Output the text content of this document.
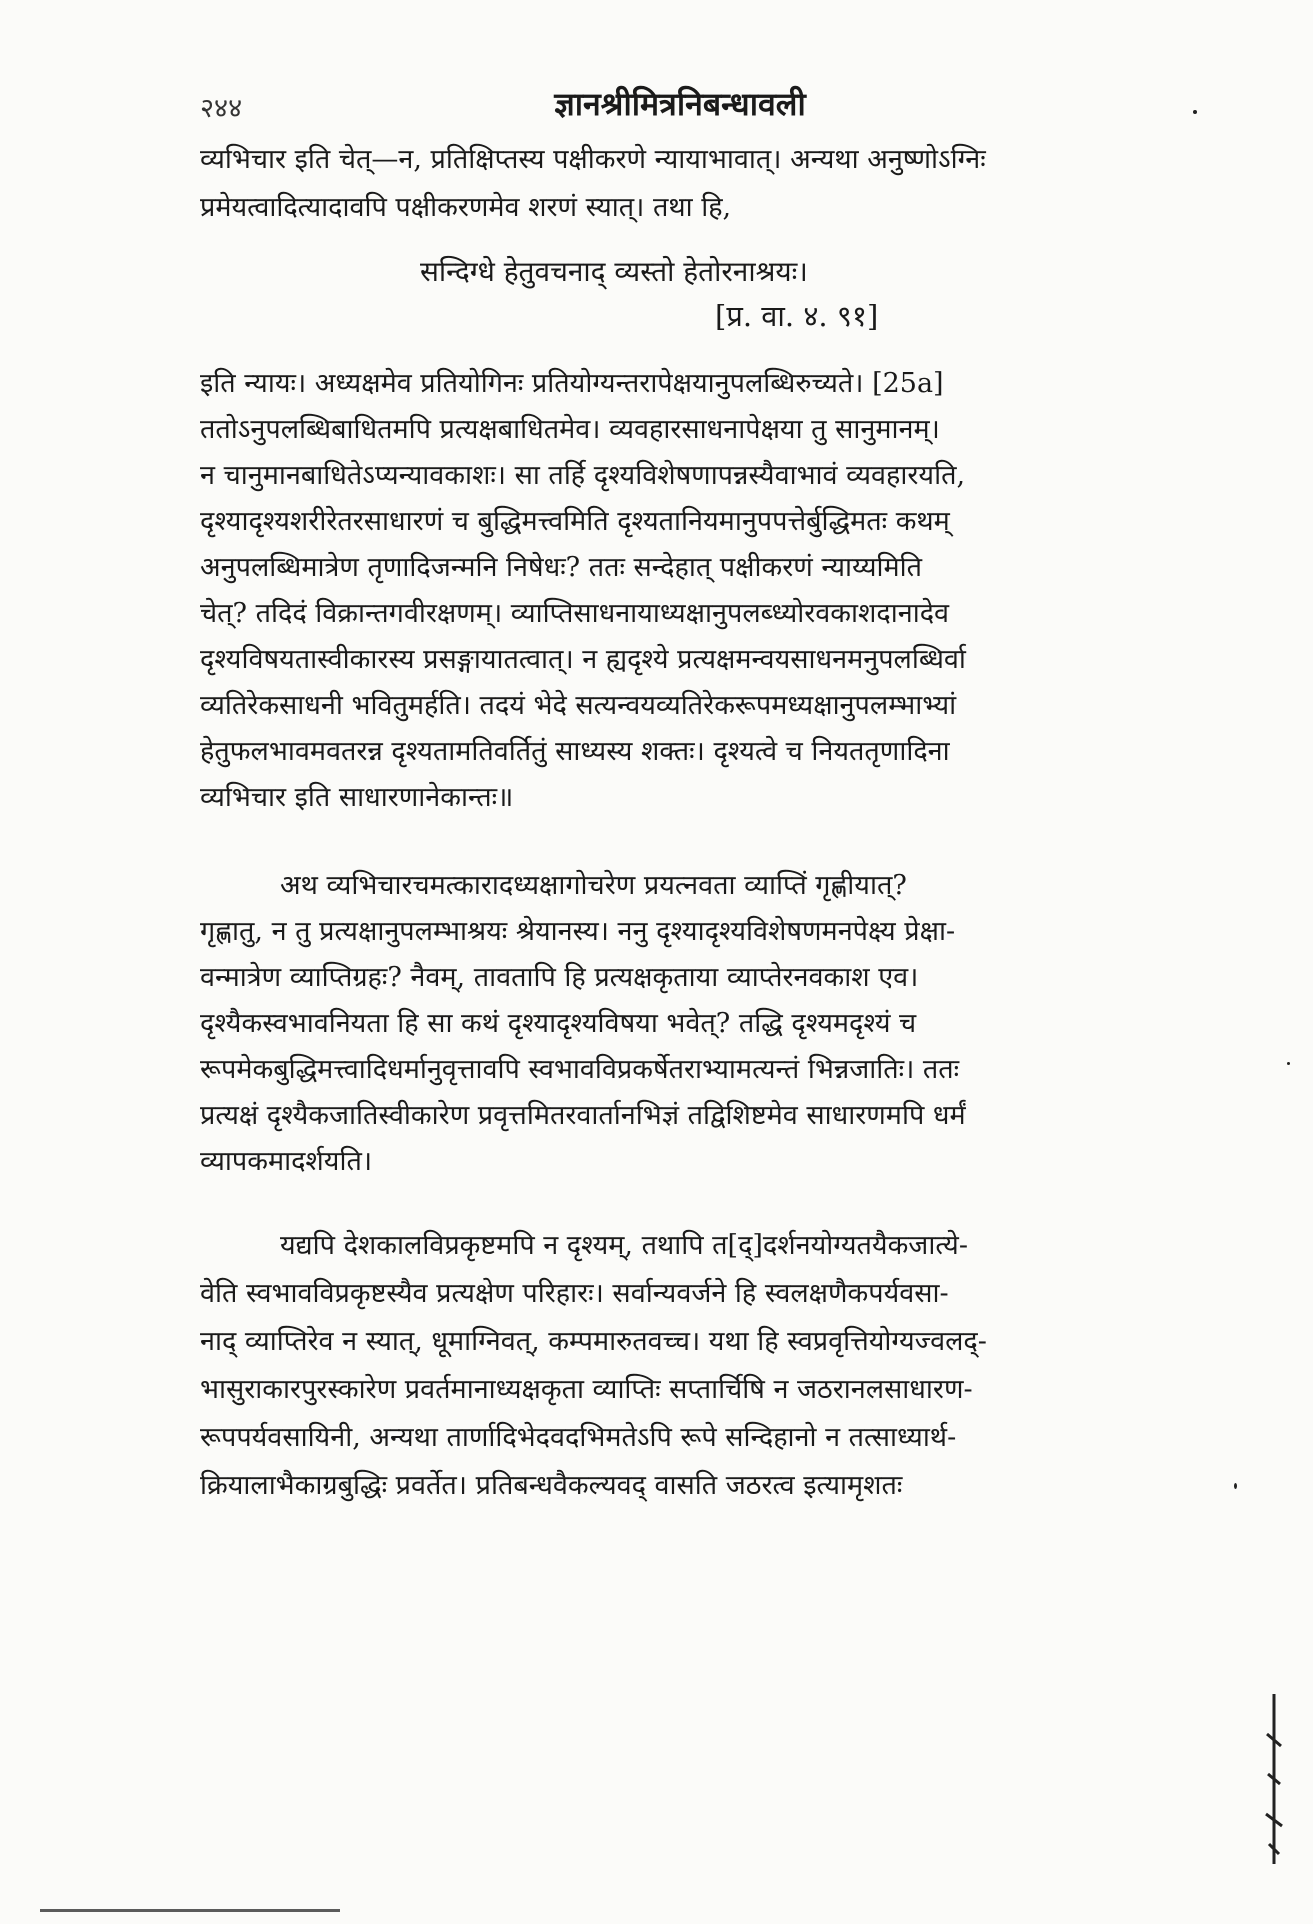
२४४	ज्ञानश्रीमित्रनिबन्धावली
व्यभिचार इति चेत्—न, प्रतिक्षिप्तस्य पक्षीकरणे न्यायाभावात्। अन्यथा अनुष्णोऽग्निः
प्रमेयत्वादित्यादावपि पक्षीकरणमेव शरणं स्यात्। तथा हि,
सन्दिग्धे हेतुवचनाद् व्यस्तो हेतोरनाश्रयः।
[प्र. वा. ४. ९१]
इति न्यायः। अध्यक्षमेव प्रतियोगिनः प्रतियोग्यन्तरापेक्षयानुपलब्धिरुच्यते। [25a]
ततोऽनुपलब्धिबाधितमपि प्रत्यक्षबाधितमेव। व्यवहारसाधनापेक्षया तु सानुमानम्।
न चानुमानबाधितेऽप्यन्यावकाशः। सा तर्हि दृश्यविशेषणापन्नस्यैवाभावं व्यवहारयति,
दृश्यादृश्यशरीरेतरसाधारणं च बुद्धिमत्त्वमिति दृश्यतानियमानुपपत्तेर्बुद्धिमतः कथम्
अनुपलब्धिमात्रेण तृणादिजन्मनि निषेधः? ततः सन्देहात् पक्षीकरणं न्याय्यमिति
चेत्? तदिदं विक्रान्तगवीरक्षणम्। व्याप्तिसाधनायाध्यक्षानुपलब्ध्योरवकाशदानादेव
दृश्यविषयतास्वीकारस्य प्रसङ्गायातत्वात्। न ह्यदृश्ये प्रत्यक्षमन्वयसाधनमनुपलब्धिर्वा
व्यतिरेकसाधनी भवितुमर्हति। तदयं भेदे सत्यन्वयव्यतिरेकरूपमध्यक्षानुपलम्भाभ्यां
हेतुफलभावमवतरन्न दृश्यतामतिवर्तितुं साध्यस्य शक्तः। दृश्यत्वे च नियततृणादिना
व्यभिचार इति साधारणानेकान्तः॥
अथ व्यभिचारचमत्कारादध्यक्षागोचरेण प्रयत्नवता व्याप्तिं गृह्णीयात्?
गृह्णातु, न तु प्रत्यक्षानुपलम्भाश्रयः श्रेयानस्य। ननु दृश्यादृश्यविशेषणमनपेक्ष्य प्रेक्षा-
वन्मात्रेण व्याप्तिग्रहः? नैवम्, तावतापि हि प्रत्यक्षकृताया व्याप्तेरनवकाश एव।
दृश्यैकस्वभावनियता हि सा कथं दृश्यादृश्यविषया भवेत्? तद्धि दृश्यमदृश्यं च
रूपमेकबुद्धिमत्त्वादिधर्मानुवृत्तावपि स्वभावविप्रकर्षेतराभ्यामत्यन्तं भिन्नजातिः। ततः
प्रत्यक्षं दृश्यैकजातिस्वीकारेण प्रवृत्तमितरवार्तानभिज्ञं तद्विशिष्टमेव साधारणमपि धर्मं
व्यापकमादर्शयति।
यद्यपि देशकालविप्रकृष्टमपि न दृश्यम्, तथापि त[द्]दर्शनयोग्यतयैकजात्ये-
वेति स्वभावविप्रकृष्टस्यैव प्रत्यक्षेण परिहारः। सर्वान्यवर्जने हि स्वलक्षणैकपर्यवसा-
नाद् व्याप्तिरेव न स्यात्, धूमाग्निवत्, कम्पमारुतवच्च। यथा हि स्वप्रवृत्तियोग्यज्वलद्-
भासुराकारपुरस्कारेण प्रवर्तमानाध्यक्षकृता व्याप्तिः सप्तार्चिषि न जठरानलसाधारण-
रूपपर्यवसायिनी, अन्यथा तार्णादिभेदवदभिमतेऽपि रूपे सन्दिहानो न तत्साध्यार्थ-
क्रियालाभैकाग्रबुद्धिः प्रवर्तेत। प्रतिबन्धवैकल्यवद् वासति जठरत्व इत्यामृशतः
